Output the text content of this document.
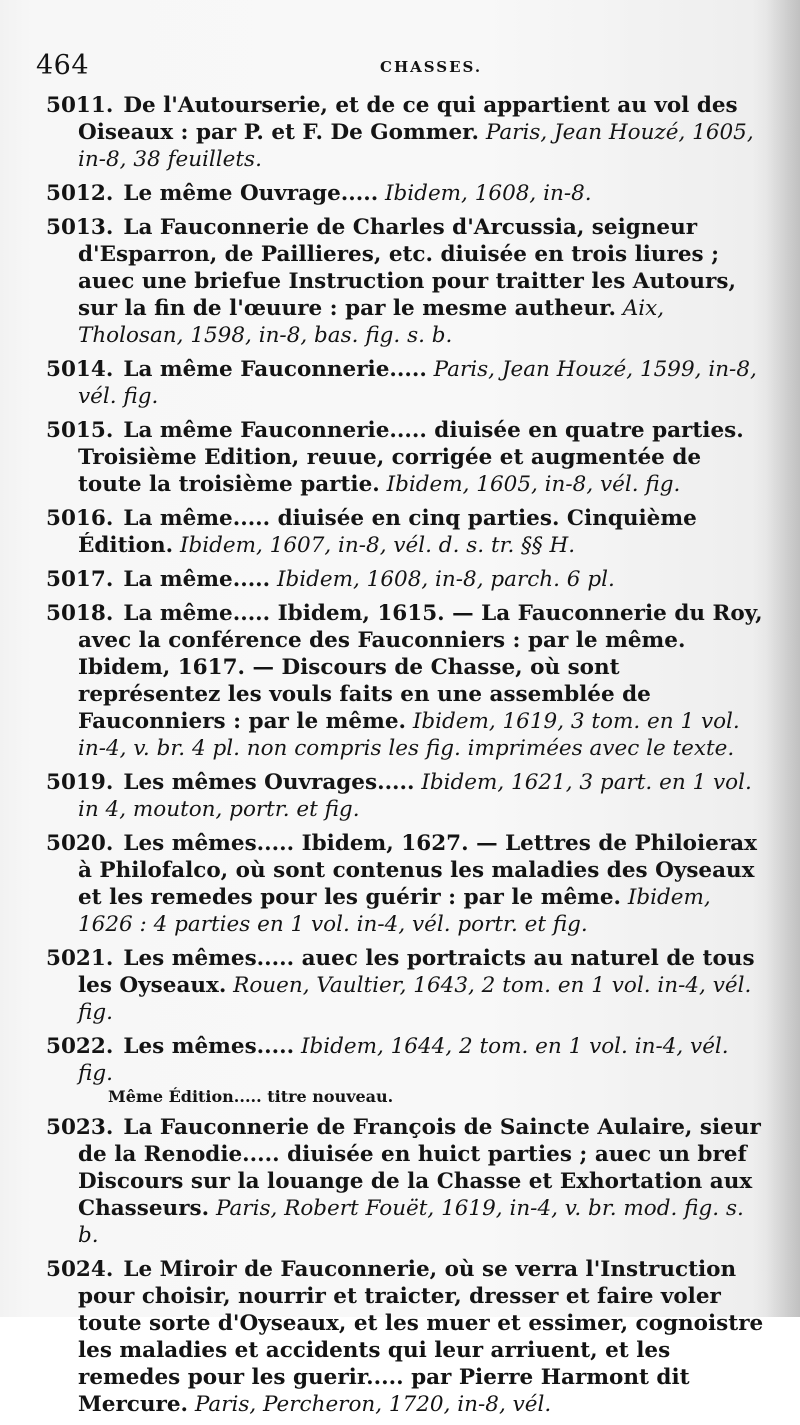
464	CHASSES.
5011. De l'Autourserie, et de ce qui appartient au vol des Oiseaux : par P. et F. De Gommer. Paris, Jean Houzé, 1605, in-8, 38 feuillets.
5012. Le même Ouvrage..... Ibidem, 1608, in-8.
5013. La Fauconnerie de Charles d'Arcussia, seigneur d'Esparron, de Paillieres, etc. diuisée en trois liures ; auec une briefue Instruction pour traitter les Autours, sur la fin de l'œuure : par le mesme autheur. Aix, Tholosan, 1598, in-8, bas. fig. s. b.
5014. La même Fauconnerie..... Paris, Jean Houzé, 1599, in-8, vél. fig.
5015. La même Fauconnerie..... diuisée en quatre parties. Troisième Edition, reuue, corrigée et augmentée de toute la troisième partie. Ibidem, 1605, in-8, vél. fig.
5016. La même..... diuisée en cinq parties. Cinquième Édition. Ibidem, 1607, in-8, vél. d. s. tr. §§ H.
5017. La même..... Ibidem, 1608, in-8, parch. 6 pl.
5018. La même..... Ibidem, 1615. — La Fauconnerie du Roy, avec la conférence des Fauconniers : par le même. Ibidem, 1617. — Discours de Chasse, où sont représentez les vouls faits en une assemblée de Fauconniers : par le même. Ibidem, 1619, 3 tom. en 1 vol. in-4, v. br. 4 pl. non compris les fig. imprimées avec le texte.
5019. Les mêmes Ouvrages..... Ibidem, 1621, 3 part. en 1 vol. in 4, mouton, portr. et fig.
5020. Les mêmes..... Ibidem, 1627. — Lettres de Philoierax à Philofalco, où sont contenus les maladies des Oyseaux et les remedes pour les guérir : par le même. Ibidem, 1626 : 4 parties en 1 vol. in-4, vél. portr. et fig.
5021. Les mêmes..... auec les portraicts au naturel de tous les Oyseaux. Rouen, Vaultier, 1643, 2 tom. en 1 vol. in-4, vél. fig.
5022. Les mêmes..... Ibidem, 1644, 2 tom. en 1 vol. in-4, vél. fig.
Même Édition..... titre nouveau.
5023. La Fauconnerie de François de Saincte Aulaire, sieur de la Renodie..... diuisée en huict parties ; auec un bref Discours sur la louange de la Chasse et Exhortation aux Chasseurs. Paris, Robert Fouët, 1619, in-4, v. br. mod. fig. s. b.
5024. Le Miroir de Fauconnerie, où se verra l'Instruction pour choisir, nourrir et traicter, dresser et faire voler toute sorte d'Oyseaux, et les muer et essimer, cognoistre les maladies et accidents qui leur arriuent, et les remedes pour les guerir..... par Pierre Harmont dit Mercure. Paris, Percheron, 1720, in-8, vél.
